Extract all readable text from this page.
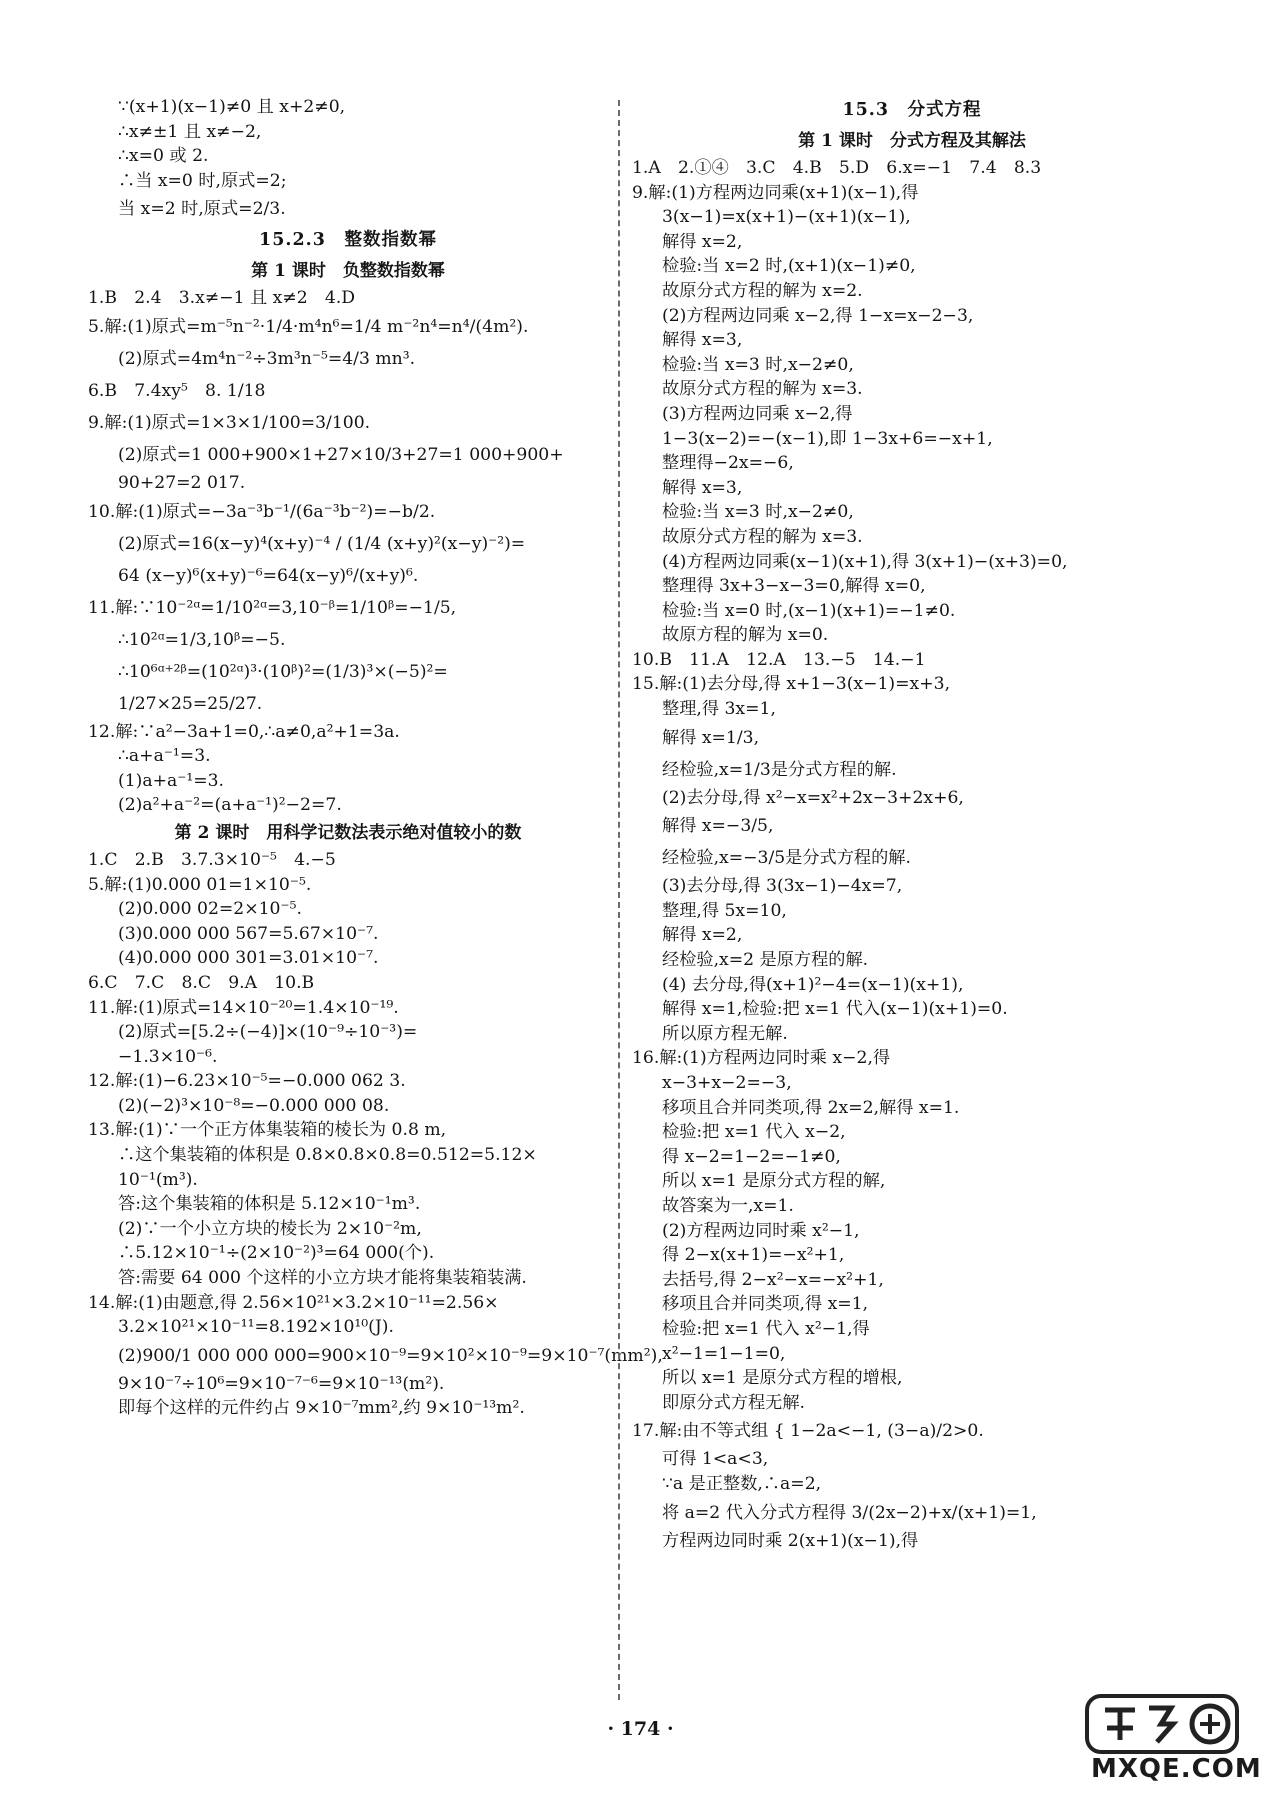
∵(x+1)(x−1)≠0 且 x+2≠0,
∴x≠±1 且 x≠−2,
∴x=0 或 2.
∴当 x=0 时,原式=2;
当 x=2 时,原式=2/3.
15.2.3　整数指数幂
第 1 课时　负整数指数幂
1.B　2.4　3.x≠−1 且 x≠2　4.D
5.解:(1)原式=m⁻⁵n⁻²·1/4·m⁴n⁶=1/4 m⁻²n⁴=n⁴/(4m²).
(2)原式=4m⁴n⁻²÷3m³n⁻⁵=4/3 mn³.
6.B　7.4xy⁵　8. 1/18
9.解:(1)原式=1×3×1/100=3/100.
(2)原式=1 000+900×1+27×10/3+27=1 000+900+
90+27=2 017.
10.解:(1)原式=−3a⁻³b⁻¹/(6a⁻³b⁻²)=−b/2.
(2)原式=16(x−y)⁴(x+y)⁻⁴ / (1/4 (x+y)²(x−y)⁻²)=
64 (x−y)⁶(x+y)⁻⁶=64(x−y)⁶/(x+y)⁶.
11.解:∵10⁻²ᵅ=1/10²ᵅ=3,10⁻ᵝ=1/10ᵝ=−1/5,
∴10²ᵅ=1/3,10ᵝ=−5.
∴10⁶ᵅ⁺²ᵝ=(10²ᵅ)³·(10ᵝ)²=(1/3)³×(−5)²=
1/27×25=25/27.
12.解:∵a²−3a+1=0,∴a≠0,a²+1=3a.
∴a+a⁻¹=3.
(1)a+a⁻¹=3.
(2)a²+a⁻²=(a+a⁻¹)²−2=7.
第 2 课时　用科学记数法表示绝对值较小的数
1.C　2.B　3.7.3×10⁻⁵　4.−5
5.解:(1)0.000 01=1×10⁻⁵.
(2)0.000 02=2×10⁻⁵.
(3)0.000 000 567=5.67×10⁻⁷.
(4)0.000 000 301=3.01×10⁻⁷.
6.C　7.C　8.C　9.A　10.B
11.解:(1)原式=14×10⁻²⁰=1.4×10⁻¹⁹.
(2)原式=[5.2÷(−4)]×(10⁻⁹÷10⁻³)=
−1.3×10⁻⁶.
12.解:(1)−6.23×10⁻⁵=−0.000 062 3.
(2)(−2)³×10⁻⁸=−0.000 000 08.
13.解:(1)∵一个正方体集装箱的棱长为 0.8 m,
∴这个集装箱的体积是 0.8×0.8×0.8=0.512=5.12×
10⁻¹(m³).
答:这个集装箱的体积是 5.12×10⁻¹m³.
(2)∵一个小立方块的棱长为 2×10⁻²m,
∴5.12×10⁻¹÷(2×10⁻²)³=64 000(个).
答:需要 64 000 个这样的小立方块才能将集装箱装满.
14.解:(1)由题意,得 2.56×10²¹×3.2×10⁻¹¹=2.56×
3.2×10²¹×10⁻¹¹=8.192×10¹⁰(J).
(2)900/1 000 000 000=900×10⁻⁹=9×10²×10⁻⁹=9×10⁻⁷(mm²),
9×10⁻⁷÷10⁶=9×10⁻⁷⁻⁶=9×10⁻¹³(m²).
即每个这样的元件约占 9×10⁻⁷mm²,约 9×10⁻¹³m².
15.3　分式方程
第 1 课时　分式方程及其解法
1.A　2.①④　3.C　4.B　5.D　6.x=−1　7.4　8.3
9.解:(1)方程两边同乘(x+1)(x−1),得
3(x−1)=x(x+1)−(x+1)(x−1),
解得 x=2,
检验:当 x=2 时,(x+1)(x−1)≠0,
故原分式方程的解为 x=2.
(2)方程两边同乘 x−2,得 1−x=x−2−3,
解得 x=3,
检验:当 x=3 时,x−2≠0,
故原分式方程的解为 x=3.
(3)方程两边同乘 x−2,得
1−3(x−2)=−(x−1),即 1−3x+6=−x+1,
整理得−2x=−6,
解得 x=3,
检验:当 x=3 时,x−2≠0,
故原分式方程的解为 x=3.
(4)方程两边同乘(x−1)(x+1),得 3(x+1)−(x+3)=0,
整理得 3x+3−x−3=0,解得 x=0,
检验:当 x=0 时,(x−1)(x+1)=−1≠0.
故原方程的解为 x=0.
10.B　11.A　12.A　13.−5　14.−1
15.解:(1)去分母,得 x+1−3(x−1)=x+3,
整理,得 3x=1,
解得 x=1/3,
经检验,x=1/3是分式方程的解.
(2)去分母,得 x²−x=x²+2x−3+2x+6,
解得 x=−3/5,
经检验,x=−3/5是分式方程的解.
(3)去分母,得 3(3x−1)−4x=7,
整理,得 5x=10,
解得 x=2,
经检验,x=2 是原方程的解.
(4) 去分母,得(x+1)²−4=(x−1)(x+1),
解得 x=1,检验:把 x=1 代入(x−1)(x+1)=0.
所以原方程无解.
16.解:(1)方程两边同时乘 x−2,得
x−3+x−2=−3,
移项且合并同类项,得 2x=2,解得 x=1.
检验:把 x=1 代入 x−2,
得 x−2=1−2=−1≠0,
所以 x=1 是原分式方程的解,
故答案为一,x=1.
(2)方程两边同时乘 x²−1,
得 2−x(x+1)=−x²+1,
去括号,得 2−x²−x=−x²+1,
移项且合并同类项,得 x=1,
检验:把 x=1 代入 x²−1,得
x²−1=1−1=0,
所以 x=1 是原分式方程的增根,
即原分式方程无解.
17.解:由不等式组 { 1−2a<−1, (3−a)/2>0.
可得 1<a<3,
∵a 是正整数,∴a=2,
将 a=2 代入分式方程得 3/(2x−2)+x/(x+1)=1,
方程两边同时乘 2(x+1)(x−1),得
· 174 ·
MXQE.COM
